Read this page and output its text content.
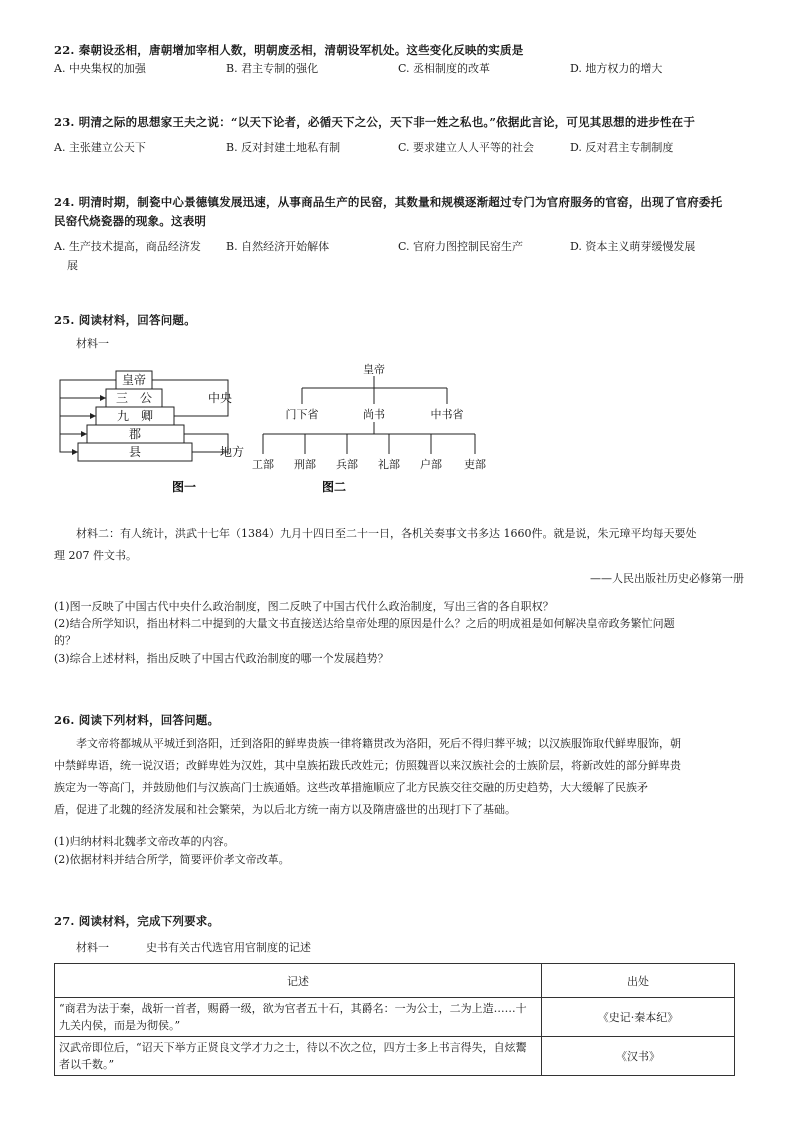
22. 秦朝设丞相，唐朝增加宰相人数，明朝废丞相，清朝设军机处。这些变化反映的实质是
A. 中央集权的加强	B. 君主专制的强化	C. 丞相制度的改革	D. 地方权力的增大
23. 明清之际的思想家王夫之说：“以天下论者，必循天下之公，天下非一姓之私也。”依据此言论，可见其思想的进步性在于
A. 主张建立公天下	B. 反对封建土地私有制	C. 要求建立人人平等的社会	D. 反对君主专制制度
24. 明清时期，制瓷中心景德镇发展迅速，从事商品生产的民窑，其数量和规模逐渐超过专门为官府服务的官窑，出现了官府委托
民窑代烧瓷器的现象。这表明
A. 生产技术提高，商品经济发
展
B. 自然经济开始解体	C. 官府力图控制民窑生产	D. 资本主义萌芽缓慢发展
25. 阅读材料，回答问题。
材料一
皇帝
三　公
九　卿
郡
县
中央
地方
图一
皇帝
门下省	尚书	中书省
工部 刑部 兵部 礼部 户部 吏部
图二
材料二：有人统计，洪武十七年（1384）九月十四日至二十一日，各机关奏事文书多达 1660件。就是说，朱元璋平均每天要处
理 207 件文书。
——人民出版社历史必修第一册
(1)图一反映了中国古代中央什么政治制度，图二反映了中国古代什么政治制度，写出三省的各自职权？
(2)结合所学知识，指出材料二中提到的大量文书直接送达给皇帝处理的原因是什么？之后的明成祖是如何解决皇帝政务繁忙问题
的？
(3)综合上述材料，指出反映了中国古代政治制度的哪一个发展趋势？
26. 阅读下列材料，回答问题。
孝文帝将都城从平城迁到洛阳，迁到洛阳的鲜卑贵族一律将籍贯改为洛阳，死后不得归葬平城；以汉族服饰取代鲜卑服饰，朝
中禁鲜卑语，统一说汉语；改鲜卑姓为汉姓，其中皇族拓跋氏改姓元；仿照魏晋以来汉族社会的士族阶层，将新改姓的部分鲜卑贵
族定为一等高门，并鼓励他们与汉族高门士族通婚。这些改革措施顺应了北方民族交往交融的历史趋势，大大缓解了民族矛
盾，促进了北魏的经济发展和社会繁荣，为以后北方统一南方以及隋唐盛世的出现打下了基础。
(1)归纳材料北魏孝文帝改革的内容。
(2)依据材料并结合所学，简要评价孝文帝改革。
27. 阅读材料，完成下列要求。
材料一	史书有关古代选官用官制度的记述
记述	出处
“商君为法于秦，战斩一首者，赐爵一级，欲为官者五十石，其爵名：一为公士，二为上造……十九关内侯，而是为彻侯。”	《史记·秦本纪》
汉武帝即位后，“诏天下举方正贤良文学才力之士，待以不次之位，四方士多上书言得失，自炫鬻者以千数。”	《汉书》
